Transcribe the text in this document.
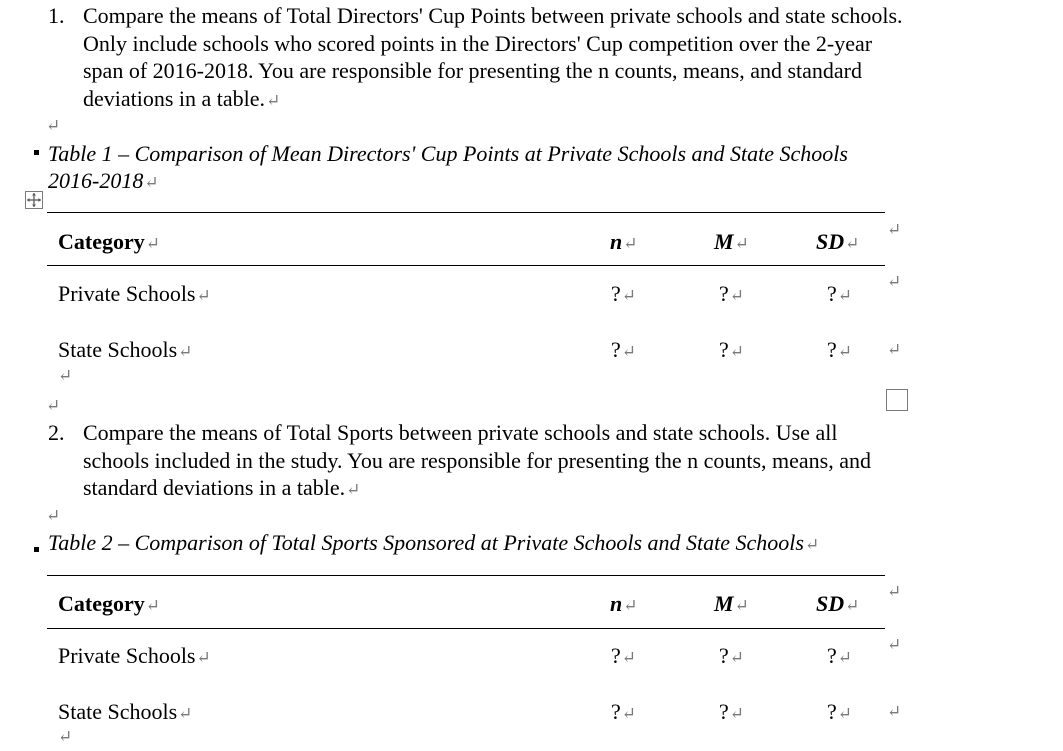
1. Compare the means of Total Directors' Cup Points between private schools and state schools.
Only include schools who scored points in the Directors' Cup competition over the 2-year
span of 2016-2018. You are responsible for presenting the n counts, means, and standard
deviations in a table.↵
↵
Table 1 – Comparison of Mean Directors' Cup Points at Private Schools and State Schools
2016-2018↵
Category↵	n↵	M↵	SD↵
↵
Private Schools↵	?↵	?↵	?↵
↵
State Schools↵	?↵	?↵	?↵ ↵
↵
↵
2. Compare the means of Total Sports between private schools and state schools. Use all
schools included in the study. You are responsible for presenting the n counts, means, and
standard deviations in a table.↵
↵
Table 2 – Comparison of Total Sports Sponsored at Private Schools and State Schools↵
Category↵	n↵	M↵	SD↵
↵
Private Schools↵	?↵	?↵	?↵
↵
State Schools↵	?↵	?↵	?↵ ↵
↵
